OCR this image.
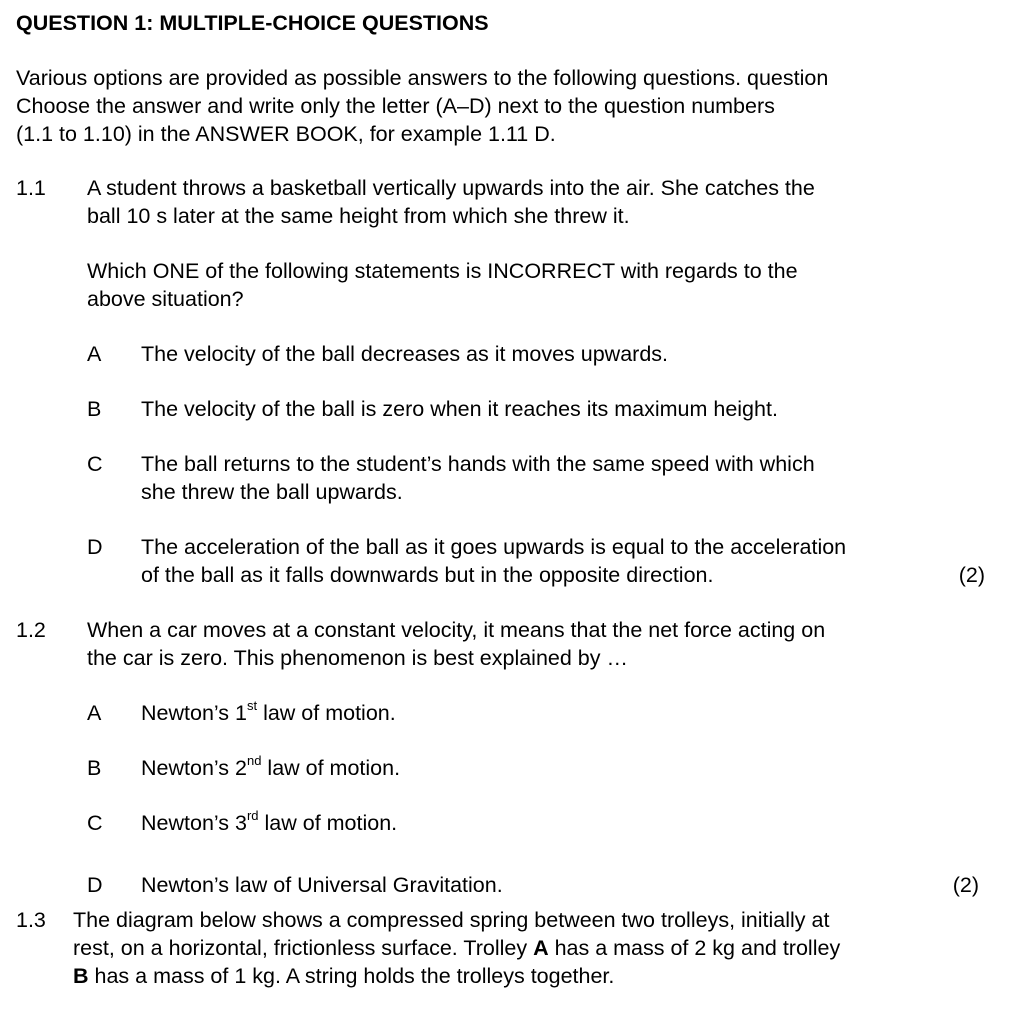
QUESTION 1: MULTIPLE-CHOICE QUESTIONS
Various options are provided as possible answers to the following questions. question
Choose the answer and write only the letter (A–D) next to the question numbers
(1.1 to 1.10) in the ANSWER BOOK, for example 1.11 D.
1.1 A student throws a basketball vertically upwards into the air. She catches the
ball 10 s later at the same height from which she threw it.
Which ONE of the following statements is INCORRECT with regards to the
above situation?
A The velocity of the ball decreases as it moves upwards.
B The velocity of the ball is zero when it reaches its maximum height.
C The ball returns to the student’s hands with the same speed with which
she threw the ball upwards.
D The acceleration of the ball as it goes upwards is equal to the acceleration
of the ball as it falls downwards but in the opposite direction.	(2)
1.2 When a car moves at a constant velocity, it means that the net force acting on
the car is zero. This phenomenon is best explained by …
A Newton’s 1st law of motion.
B Newton’s 2nd law of motion.
C Newton’s 3rd law of motion.
D Newton’s law of Universal Gravitation.	(2)
1.3 The diagram below shows a compressed spring between two trolleys, initially at
rest, on a horizontal, frictionless surface. Trolley A has a mass of 2 kg and trolley
B has a mass of 1 kg. A string holds the trolleys together.
